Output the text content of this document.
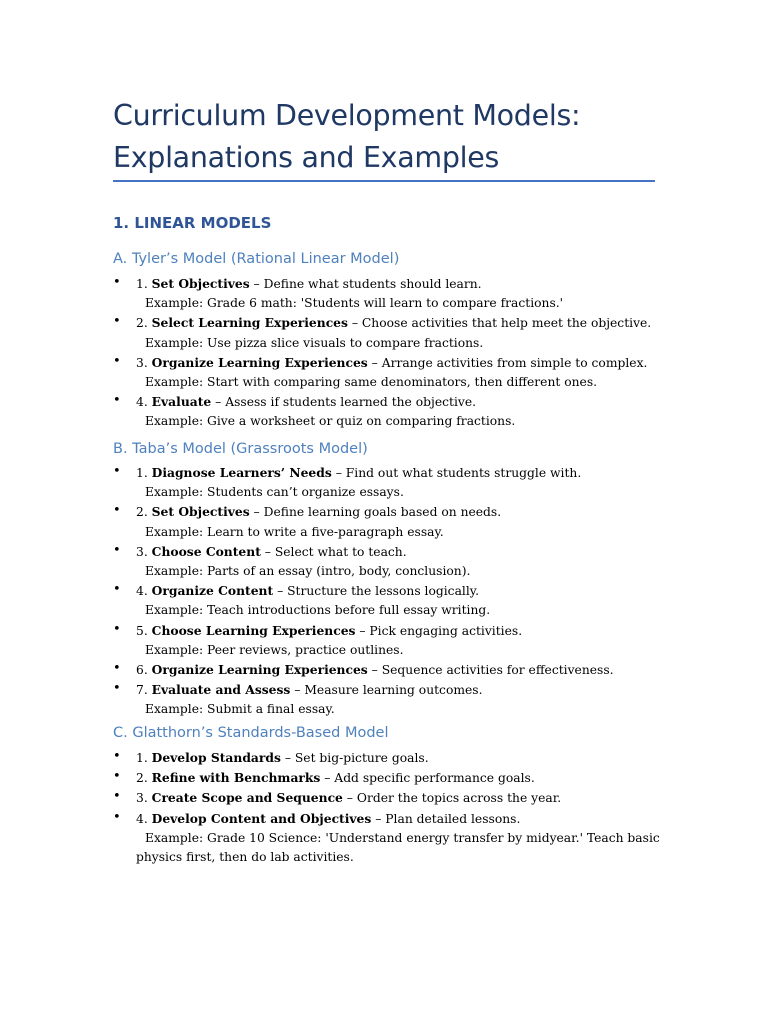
Curriculum Development Models: Explanations and Examples
1. LINEAR MODELS
A. Tyler’s Model (Rational Linear Model)
•	1. Set Objectives – Define what students should learn.
Example: Grade 6 math: 'Students will learn to compare fractions.'
•	2. Select Learning Experiences – Choose activities that help meet the objective.
Example: Use pizza slice visuals to compare fractions.
•	3. Organize Learning Experiences – Arrange activities from simple to complex.
Example: Start with comparing same denominators, then different ones.
•	4. Evaluate – Assess if students learned the objective.
Example: Give a worksheet or quiz on comparing fractions.
B. Taba’s Model (Grassroots Model)
•	1. Diagnose Learners’ Needs – Find out what students struggle with.
Example: Students can’t organize essays.
•	2. Set Objectives – Define learning goals based on needs.
Example: Learn to write a five-paragraph essay.
•	3. Choose Content – Select what to teach.
Example: Parts of an essay (intro, body, conclusion).
•	4. Organize Content – Structure the lessons logically.
Example: Teach introductions before full essay writing.
•	5. Choose Learning Experiences – Pick engaging activities.
Example: Peer reviews, practice outlines.
•	6. Organize Learning Experiences – Sequence activities for effectiveness.
•	7. Evaluate and Assess – Measure learning outcomes.
Example: Submit a final essay.
C. Glatthorn’s Standards-Based Model
•	1. Develop Standards – Set big-picture goals.
•	2. Refine with Benchmarks – Add specific performance goals.
•	3. Create Scope and Sequence – Order the topics across the year.
•	4. Develop Content and Objectives – Plan detailed lessons.
Example: Grade 10 Science: 'Understand energy transfer by midyear.' Teach basic
physics first, then do lab activities.
